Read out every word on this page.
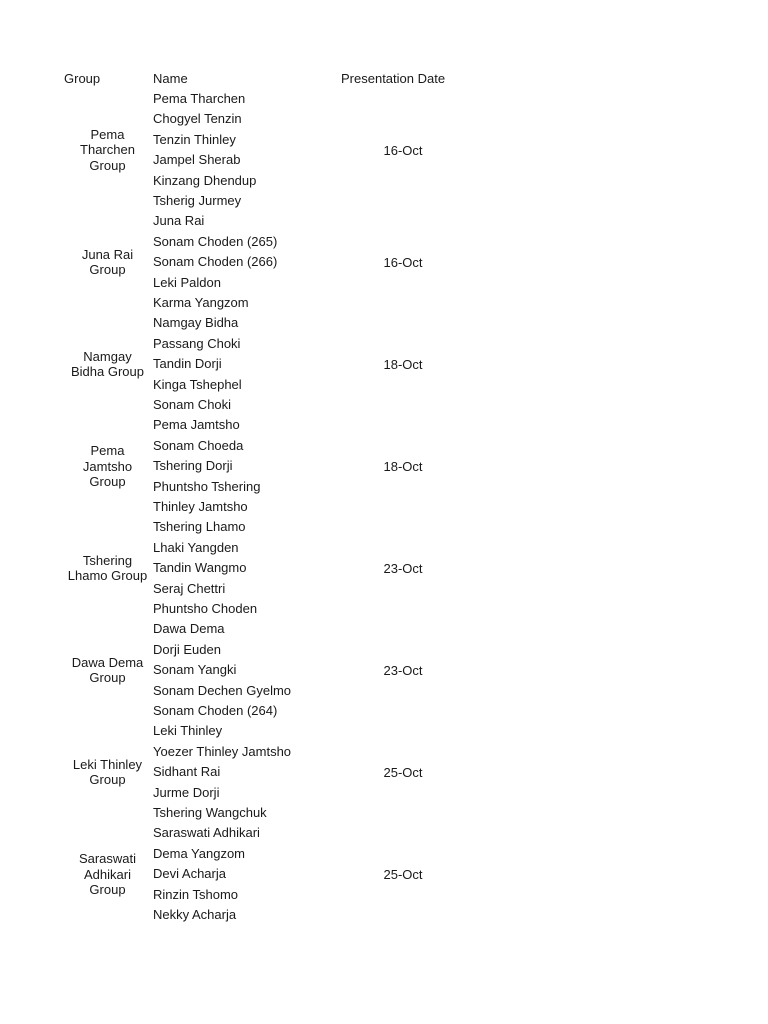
Group	Name	Presentation Date
Pema
Tharchen
Group
Pema Tharchen
Chogyel Tenzin
Tenzin Thinley
Jampel Sherab
Kinzang Dhendup
Tsherig Jurmey
16-Oct
Juna Rai
Group
Juna Rai
Sonam Choden (265)
Sonam Choden (266)
Leki Paldon
Karma Yangzom
16-Oct
Namgay
Bidha Group
Namgay Bidha
Passang Choki
Tandin Dorji
Kinga Tshephel
Sonam Choki
18-Oct
Pema
Jamtsho
Group
Pema Jamtsho
Sonam Choeda
Tshering Dorji
Phuntsho Tshering
Thinley Jamtsho
18-Oct
Tshering
Lhamo Group
Tshering Lhamo
Lhaki Yangden
Tandin Wangmo
Seraj Chettri
Phuntsho Choden
23-Oct
Dawa Dema
Group
Dawa Dema
Dorji Euden
Sonam Yangki
Sonam Dechen Gyelmo
Sonam Choden (264)
23-Oct
Leki Thinley
Group
Leki Thinley
Yoezer Thinley Jamtsho
Sidhant Rai
Jurme Dorji
Tshering Wangchuk
25-Oct
Saraswati
Adhikari
Group
Saraswati Adhikari
Dema Yangzom
Devi Acharja
Rinzin Tshomo
Nekky Acharja
25-Oct
